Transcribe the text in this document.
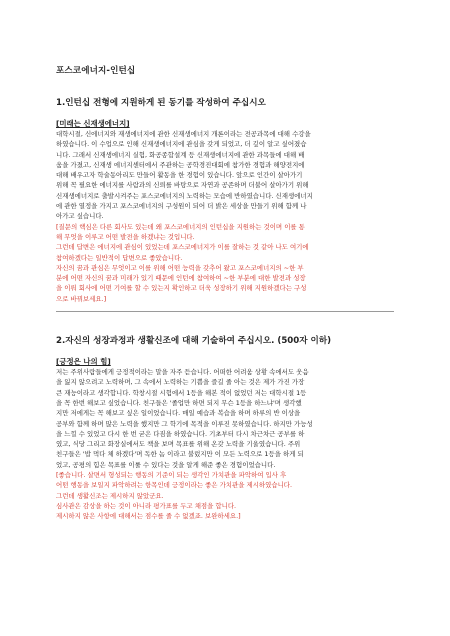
포스코에너지-인턴십

1.인턴십 전형에 지원하게 된 동기를 작성하여 주십시오

[미래는 신재생에너지]

대학시절, 신에너지와 재생에너지에 관한 신재생에너지 개론이라는 전공과목에 대해 수강을

하였습니다. 이 수업으로 인해 신재생에너지에 관심을 갖게 되었고, 더 깊이 알고 싶어졌습

니다. 그래서 신재생에너지 실험, 화공종합설계 등 신재생에너지에 관한 과목들에 대해 배

움을 가졌고, 신재생 에너지센터에서 주관하는 공학경진대회에 참가한 경험과 해양전지에

대해 배우고자 학술동아리도 만들어 활동을 한 경험이 있습니다. 앞으로 인간이 살아가기

위해 꼭 필요한 에너지를 사람과의 신뢰를 바탕으로 자연과 공존하며 더불어 살아가기 위해

신재생에너지로 출발시켜주는 포스코에너지의 노력하는 모습에 반하였습니다. 신재생에너지

에 관한 열정을 가지고 포스코에너지의 구성원이 되어 더 밝은 세상을 만들기 위해 함께 나

아가고 싶습니다.

[질문의 핵심은 다른 회사도 있는데 왜 포스코에너지의 인턴십을 지원하는 것이며 이를 통

해 무엇을 이루고 어떤 발전을 하겠냐는 것입니다.

그런데 답변은 에너지에 관심이 있었는데 포스코에너지가 이를 잘하는 것 같아 나도 여기에

참여하겠다는 일반적이 답변으로 좋았습니다.

자신의 꿈과 관심은 무엇이고 이를 위해 어떤 능력을 갖추어 왔고 포스코에너지의 ~한 부

분에 어떤 자신의 꿈과 미래가 있기 때문에 인턴에 참여하여 ~한 부분에 대한 발전과 성장

을 이뤄 회사에 어떤 기여를 할 수 있는지 확인하고 더욱 성장하기 위해 지원하겠다는 구성

으로 바꿔보세요.]

2.자신의 성장과정과 생활신조에 대해 기술하여 주십시오. (500자 이하)

[긍정은 나의 힘]

저는 주위사람들에게 긍정적이라는 말을 자주 듣습니다. 어떠한 어려움 상황 속에서도 웃음

을 잃지 않으려고 노력하며, 그 속에서 노력하는 기쁨을 즐길 줄 아는 것은 제가 가진 가장

큰 재능이라고 생각합니다. 학창시절 시험에서 1등을 해본 적이 없었던 저는 대학시절 1등

을 꼭 한번 해보고 싶었습니다. 친구들은 '졸업만 하면 되지 무슨 1등을 하느냐'며 생각했

지만 저에게는 꼭 해보고 싶은 일이었습니다. 매일 예습과 복습을 하며 하루의 반 이상을

공부와 함께 하며 많은 노력을 했지만 그 학기에 목적을 이루진 못하였습니다. 하지만 가능성

을 느낄 수 있었고 다시 한 번 굳은 다짐을 하였습니다. 기초부터 다시 차근차근 공부를 하

였고, 식당 그리고 화장실에서도 책을 보며 목표를 위해 온갖 노력을 기울였습니다. 주위

친구들은 '밥 먹다 체 하겠다'며 독한 놈 이라고 불렀지만 이 모든 노력으로 1등을 하게 되

었고, 공평의 힘은 목표를 이룰 수 있다는 것을 알게 해준 좋은 경험이었습니다.

[좋습니다. 살면서 형성되는 행동의 기준이 되는 생각인 가치관을 파악하여 입사 후

어떤 행동을 보일지 파악하려는 항목인데 긍정이라는 좋은 가치관을 제시하였습니다.

그런데 생활신조는 제시하지 않았군요.

심사관은 감상을 하는 것이 아니라 평가표를 두고 채점을 합니다.

제시하지 않은 사항에 대해서는 점수를 줄 수 없겠죠. 보완하세요.]
